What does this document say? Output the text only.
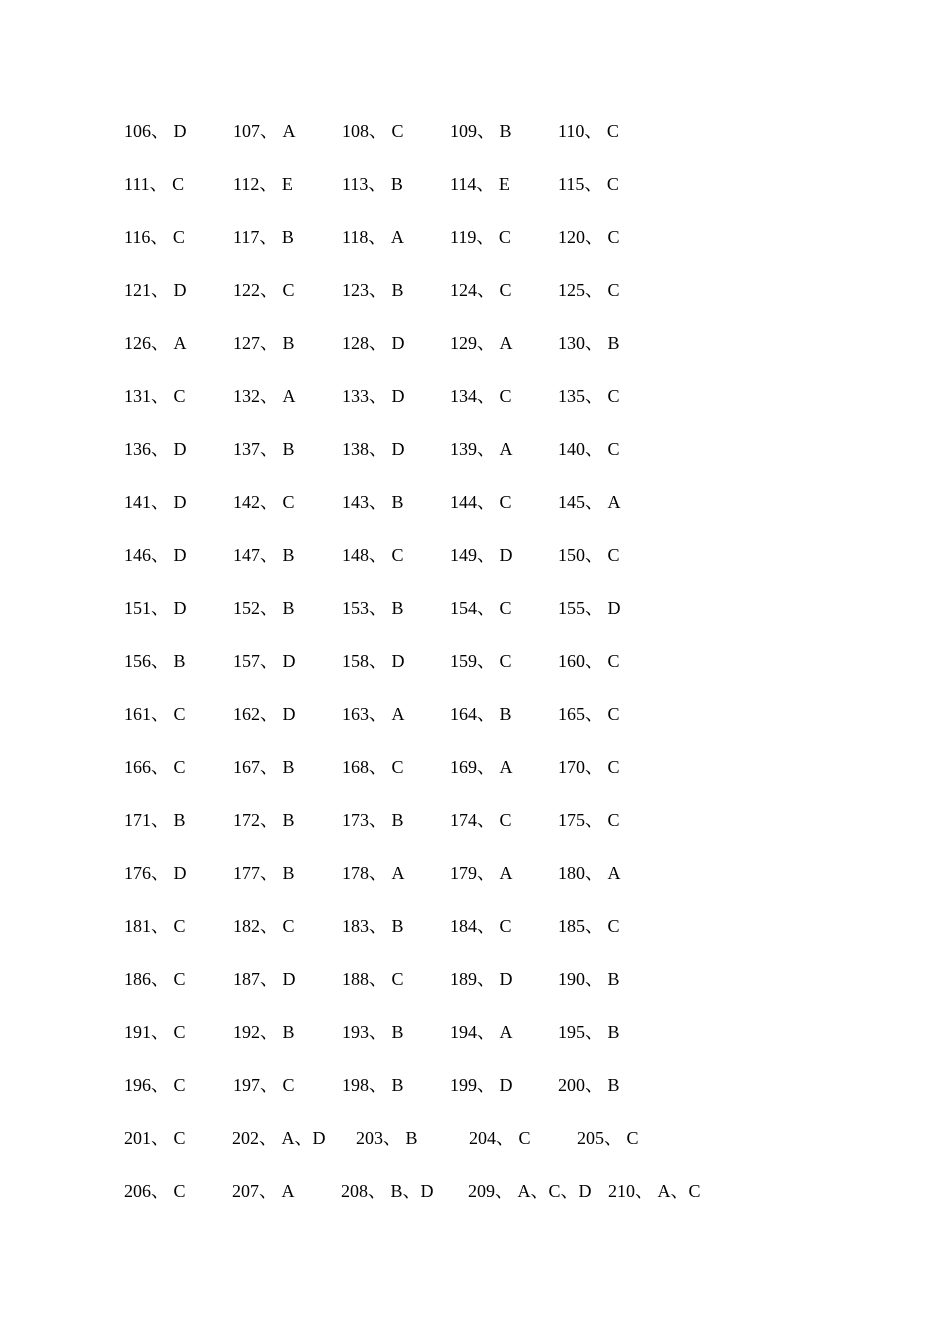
106、 D	107、 A	108、 C	109、 B	110、 C
111、 C	112、 E	113、 B	114、 E	115、 C
116、 C	117、 B	118、 A	119、 C	120、 C
121、 D	122、 C	123、 B	124、 C	125、 C
126、 A	127、 B	128、 D	129、 A	130、 B
131、 C	132、 A	133、 D	134、 C	135、 C
136、 D	137、 B	138、 D	139、 A	140、 C
141、 D	142、 C	143、 B	144、 C	145、 A
146、 D	147、 B	148、 C	149、 D	150、 C
151、 D	152、 B	153、 B	154、 C	155、 D
156、 B	157、 D	158、 D	159、 C	160、 C
161、 C	162、 D	163、 A	164、 B	165、 C
166、 C	167、 B	168、 C	169、 A	170、 C
171、 B	172、 B	173、 B	174、 C	175、 C
176、 D	177、 B	178、 A	179、 A	180、 A
181、 C	182、 C	183、 B	184、 C	185、 C
186、 C	187、 D	188、 C	189、 D	190、 B
191、 C	192、 B	193、 B	194、 A	195、 B
196、 C	197、 C	198、 B	199、 D	200、 B
201、 C	202、 A、D 203、 B	204、 C	205、 C
206、 C	207、 A	208、 B、D 209、 A、C、D 210、 A、C
